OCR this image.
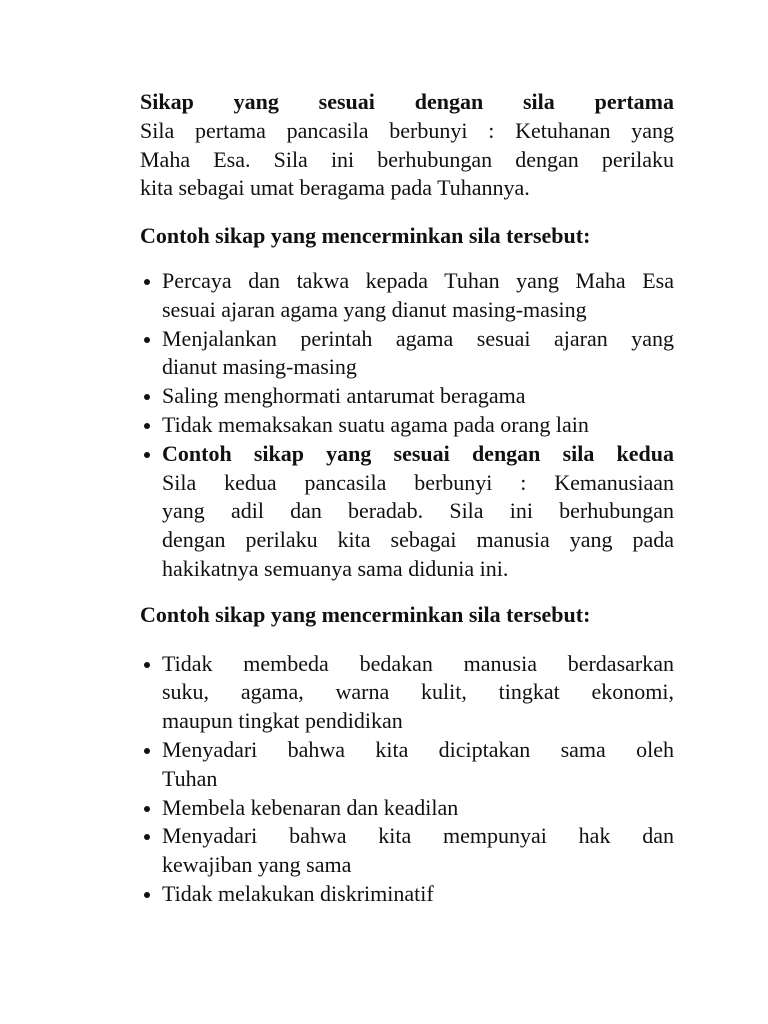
Sikap yang sesuai dengan sila pertama
Sila pertama pancasila berbunyi : Ketuhanan yang
Maha Esa. Sila ini berhubungan dengan perilaku
kita sebagai umat beragama pada Tuhannya.
Contoh sikap yang mencerminkan sila tersebut:
Percaya dan takwa kepada Tuhan yang Maha Esa
sesuai ajaran agama yang dianut masing-masing
Menjalankan perintah agama sesuai ajaran yang
dianut masing-masing
Saling menghormati antarumat beragama
Tidak memaksakan suatu agama pada orang lain
Contoh sikap yang sesuai dengan sila kedua
Sila kedua pancasila berbunyi : Kemanusiaan
yang adil dan beradab. Sila ini berhubungan
dengan perilaku kita sebagai manusia yang pada
hakikatnya semuanya sama didunia ini.
Contoh sikap yang mencerminkan sila tersebut:
Tidak membeda bedakan manusia berdasarkan
suku, agama, warna kulit, tingkat ekonomi,
maupun tingkat pendidikan
Menyadari bahwa kita diciptakan sama oleh
Tuhan
Membela kebenaran dan keadilan
Menyadari bahwa kita mempunyai hak dan
kewajiban yang sama
Tidak melakukan diskriminatif
